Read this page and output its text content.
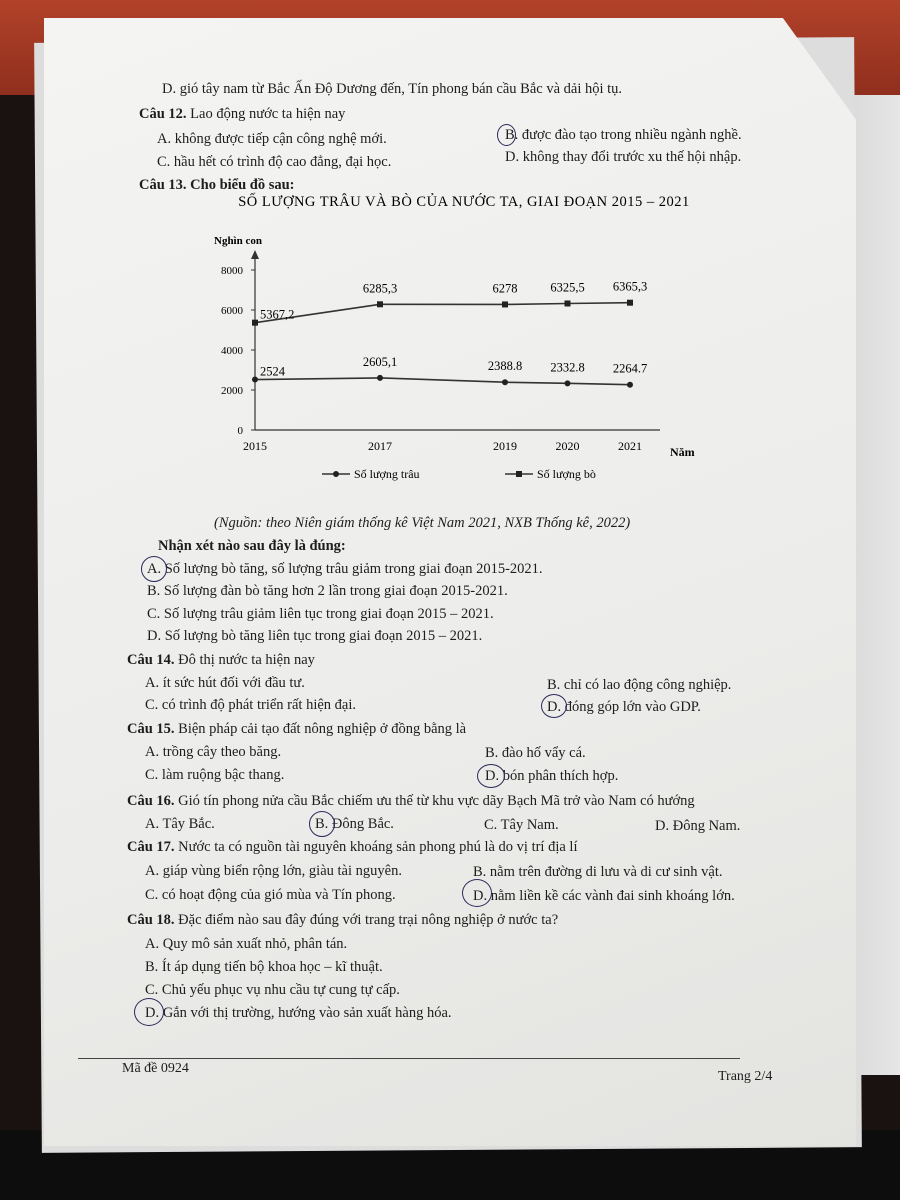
D. gió tây nam từ Bắc Ấn Độ Dương đến, Tín phong bán cầu Bắc và dải hội tụ.
Câu 12. Lao động nước ta hiện nay
A. không được tiếp cận công nghệ mới.	B. được đào tạo trong nhiều ngành nghề.
C. hầu hết có trình độ cao đẳng, đại học.	D. không thay đổi trước xu thế hội nhập.
Câu 13. Cho biểu đồ sau:
SỐ LƯỢNG TRÂU VÀ BÒ CỦA NƯỚC TA, GIAI ĐOẠN 2015 – 2021
Nghìn con
Năm
0
2000
4000
6000
8000
2015	2017	2019	2020	2021
2524
2605,1	2388.8 2332.8 2264.7
5367,2
6285,3	6278	6325,5 6365,3
Số lượng trâu	Số lượng bò
(Nguồn: theo Niên giám thống kê Việt Nam 2021, NXB Thống kê, 2022)
Nhận xét nào sau đây là đúng:
A. Số lượng bò tăng, số lượng trâu giảm trong giai đoạn 2015-2021.
B. Số lượng đàn bò tăng hơn 2 lần trong giai đoạn 2015-2021.
C. Số lượng trâu giảm liên tục trong giai đoạn 2015 – 2021.
D. Số lượng bò tăng liên tục trong giai đoạn 2015 – 2021.
Câu 14. Đô thị nước ta hiện nay
A. ít sức hút đối với đầu tư.	B. chỉ có lao động công nghiệp.
C. có trình độ phát triển rất hiện đại.	D. đóng góp lớn vào GDP.
Câu 15. Biện pháp cải tạo đất nông nghiệp ở đồng bằng là
A. trồng cây theo băng.	B. đào hố vẩy cá.
C. làm ruộng bậc thang.	D. bón phân thích hợp.
Câu 16. Gió tín phong nửa cầu Bắc chiếm ưu thế từ khu vực dãy Bạch Mã trở vào Nam có hướng
A. Tây Bắc.	B. Đông Bắc.	C. Tây Nam.	D. Đông Nam.
Câu 17. Nước ta có nguồn tài nguyên khoáng sản phong phú là do vị trí địa lí
A. giáp vùng biển rộng lớn, giàu tài nguyên.	B. nằm trên đường di lưu và di cư sinh vật.
C. có hoạt động của gió mùa và Tín phong.	D. nằm liền kề các vành đai sinh khoáng lớn.
Câu 18. Đặc điểm nào sau đây đúng với trang trại nông nghiệp ở nước ta?
A. Quy mô sản xuất nhỏ, phân tán.
B. Ít áp dụng tiến bộ khoa học – kĩ thuật.
C. Chủ yếu phục vụ nhu cầu tự cung tự cấp.
D. Gắn với thị trường, hướng vào sản xuất hàng hóa.
Mã đề 0924
Trang 2/4
